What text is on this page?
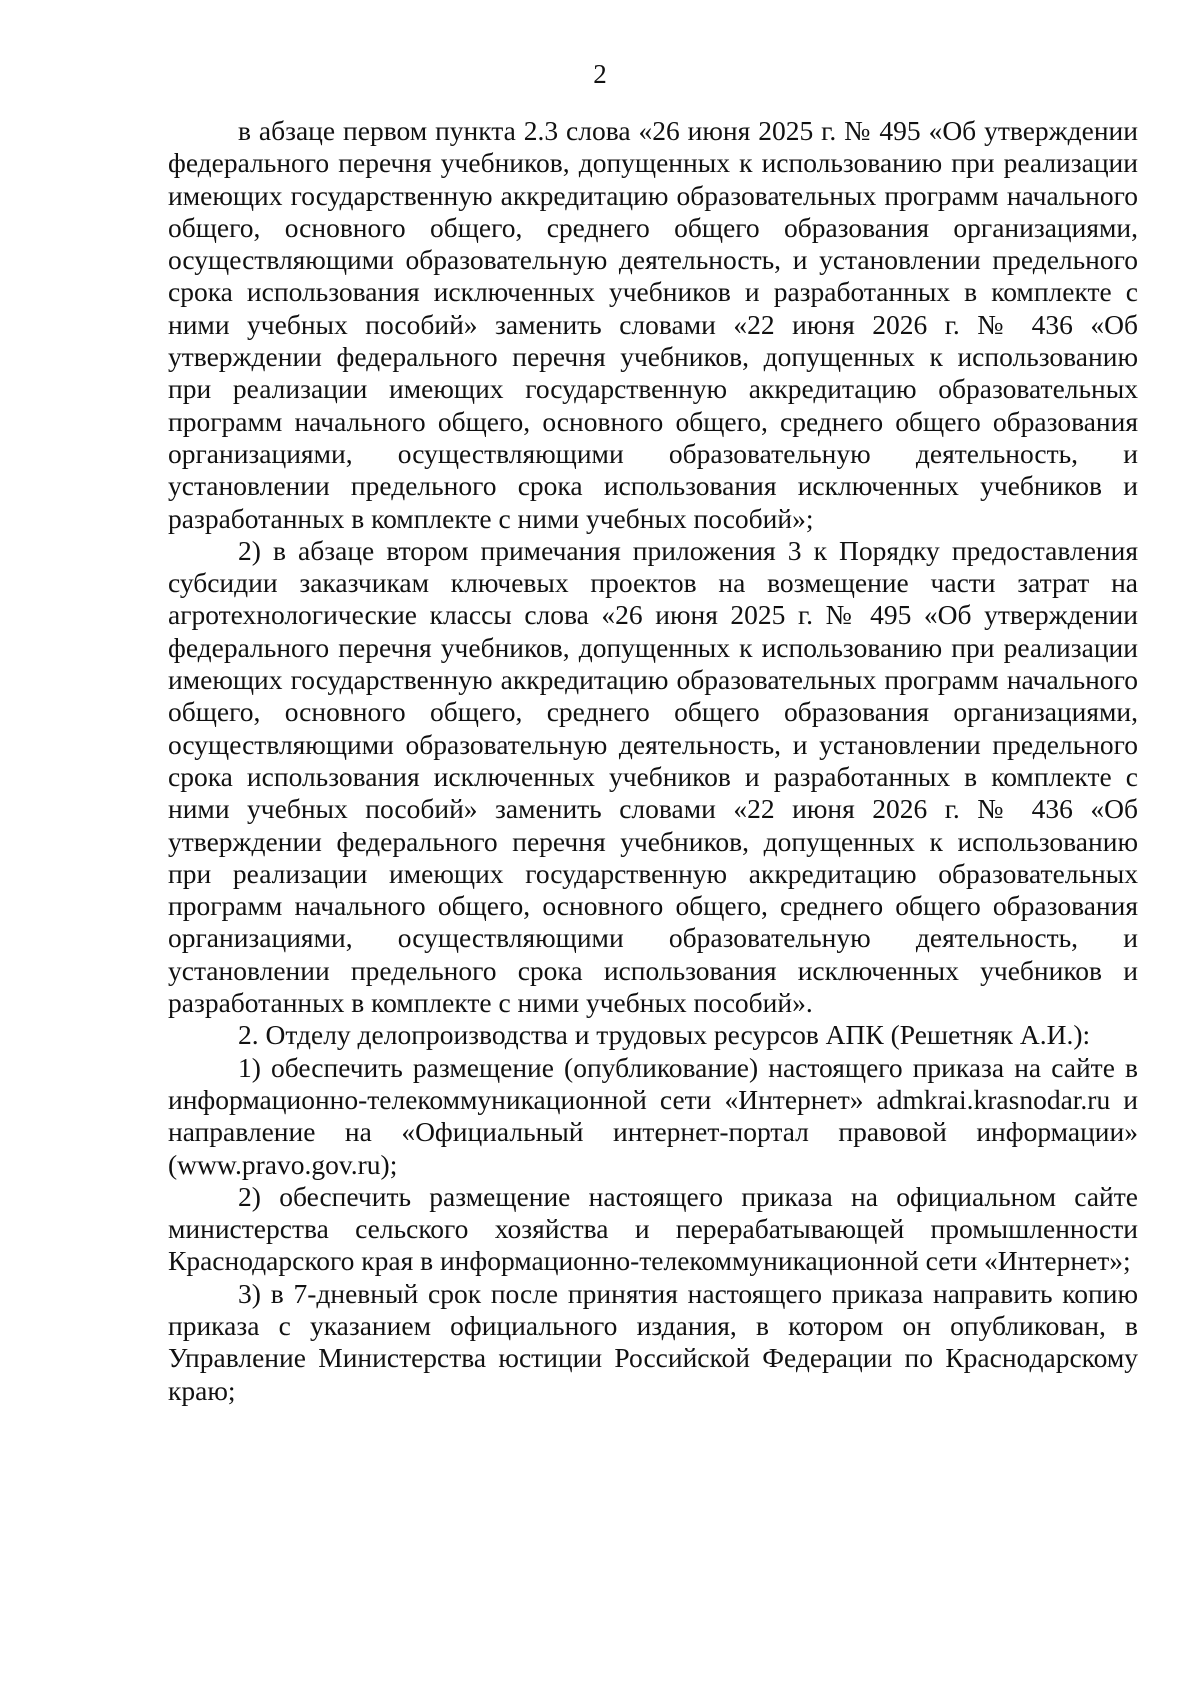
2

в абзаце первом пункта 2.3 слова «26 июня 2025 г. № 495 «Об утверждении федерального перечня учебников, допущенных к использованию при реализации имеющих государственную аккредитацию образовательных программ начального общего, основного общего, среднего общего образования организациями, осуществляющими образовательную деятельность, и установлении предельного срока использования исключенных учебников и разработанных в комплекте с ними учебных пособий» заменить словами «22 июня 2026 г. № 436 «Об утверждении федерального перечня учебников, допущенных к использованию при реализации имеющих государственную аккредитацию образовательных программ начального общего, основного общего, среднего общего образования организациями, осуществляющими образовательную деятельность, и установлении предельного срока использования исключенных учебников и разработанных в комплекте с ними учебных пособий»;

2) в абзаце втором примечания приложения 3 к Порядку предоставления субсидии заказчикам ключевых проектов на возмещение части затрат на агротехнологические классы слова «26 июня 2025 г. № 495 «Об утверждении федерального перечня учебников, допущенных к использованию при реализации имеющих государственную аккредитацию образовательных программ начального общего, основного общего, среднего общего образования организациями, осуществляющими образовательную деятельность, и установлении предельного срока использования исключенных учебников и разработанных в комплекте с ними учебных пособий» заменить словами «22 июня 2026 г. № 436 «Об утверждении федерального перечня учебников, допущенных к использованию при реализации имеющих государственную аккредитацию образовательных программ начального общего, основного общего, среднего общего образования организациями, осуществляющими образовательную деятельность, и установлении предельного срока использования исключенных учебников и разработанных в комплекте с ними учебных пособий».

2. Отделу делопроизводства и трудовых ресурсов АПК (Решетняк А.И.):

1) обеспечить размещение (опубликование) настоящего приказа на сайте в информационно-телекоммуникационной сети «Интернет» admkrai.krasnodar.ru и направление на «Официальный интернет-портал правовой информации» (www.pravo.gov.ru);

2) обеспечить размещение настоящего приказа на официальном сайте министерства сельского хозяйства и перерабатывающей промышленности Краснодарского края в информационно-телекоммуникационной сети «Интернет»;

3) в 7-дневный срок после принятия настоящего приказа направить копию приказа с указанием официального издания, в котором он опубликован, в Управление Министерства юстиции Российской Федерации по Краснодарскому краю;
